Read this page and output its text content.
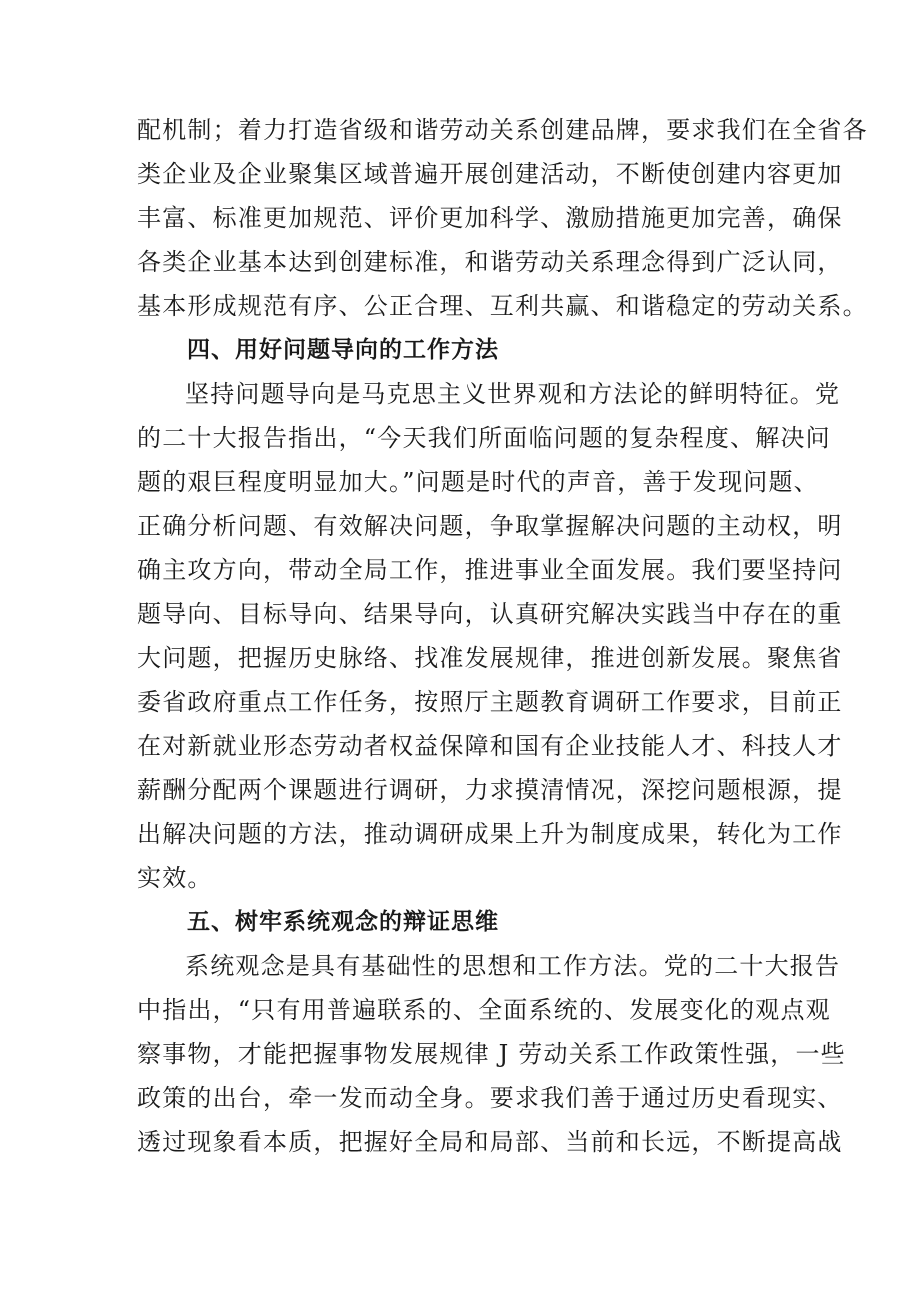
配机制；着力打造省级和谐劳动关系创建品牌，要求我们在全省各
类企业及企业聚集区域普遍开展创建活动，不断使创建内容更加
丰富、标准更加规范、评价更加科学、激励措施更加完善，确保
各类企业基本达到创建标准，和谐劳动关系理念得到广泛认同，
基本形成规范有序、公正合理、互利共赢、和谐稳定的劳动关系。
四、用好问题导向的工作方法
坚持问题导向是马克思主义世界观和方法论的鲜明特征。党
的二十大报告指出，“今天我们所面临问题的复杂程度、解决问
题的艰巨程度明显加大。”问题是时代的声音，善于发现问题、
正确分析问题、有效解决问题，争取掌握解决问题的主动权，明
确主攻方向，带动全局工作，推进事业全面发展。我们要坚持问
题导向、目标导向、结果导向，认真研究解决实践当中存在的重
大问题，把握历史脉络、找准发展规律，推进创新发展。聚焦省
委省政府重点工作任务，按照厅主题教育调研工作要求，目前正
在对新就业形态劳动者权益保障和国有企业技能人才、科技人才
薪酬分配两个课题进行调研，力求摸清情况，深挖问题根源，提
出解决问题的方法，推动调研成果上升为制度成果，转化为工作
实效。
五、树牢系统观念的辩证思维
系统观念是具有基础性的思想和工作方法。党的二十大报告
中指出，“只有用普遍联系的、全面系统的、发展变化的观点观
察事物，才能把握事物发展规律 J 劳动关系工作政策性强，一些
政策的出台，牵一发而动全身。要求我们善于通过历史看现实、
透过现象看本质，把握好全局和局部、当前和长远，不断提高战
